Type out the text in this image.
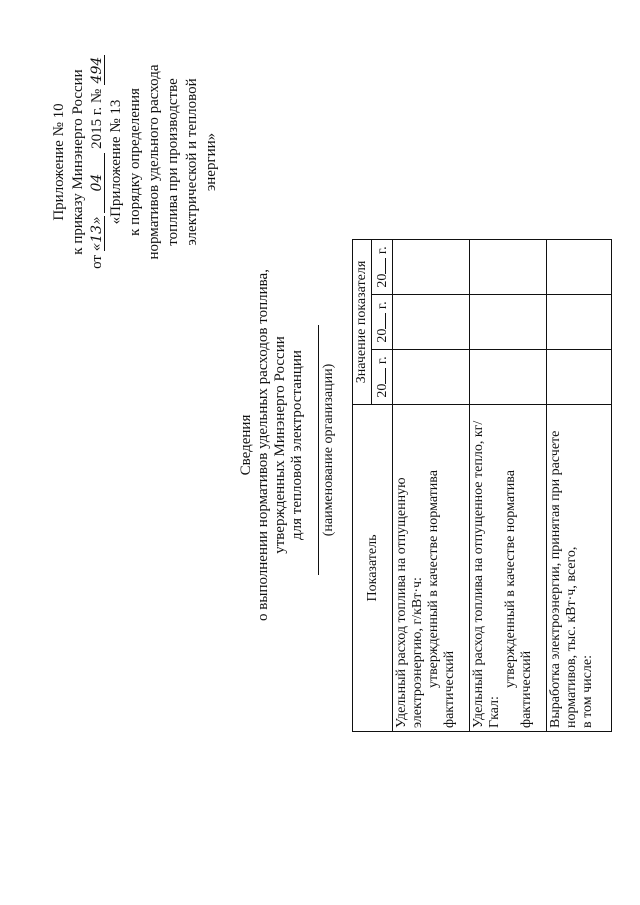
Приложение № 10 к приказу Минэнерго России
от «13» 04 2015 г. № 494
«Приложение № 13 к порядку определения нормативов удельного расхода топлива при производстве электрической и тепловой энергии»
Сведения о выполнении нормативов удельных расходов топлива, утвержденных Минэнерго России для тепловой электростанции (наименование организации)
Показатель	Значение показателя		
	20 г.	20 г.	20 г.

Удельный расход топлива на отпущенную электроэнергию, г/кВт·ч: утвержденный в качестве норматива
фактический			

Удельный расход топлива на отпущенное тепло, кг/Гкал:
утвержденный в качестве норматива
фактический			

Выработка электроэнергии, принятая при расчете нормативов, тыс. кВт·ч, всего, в том числе:			
